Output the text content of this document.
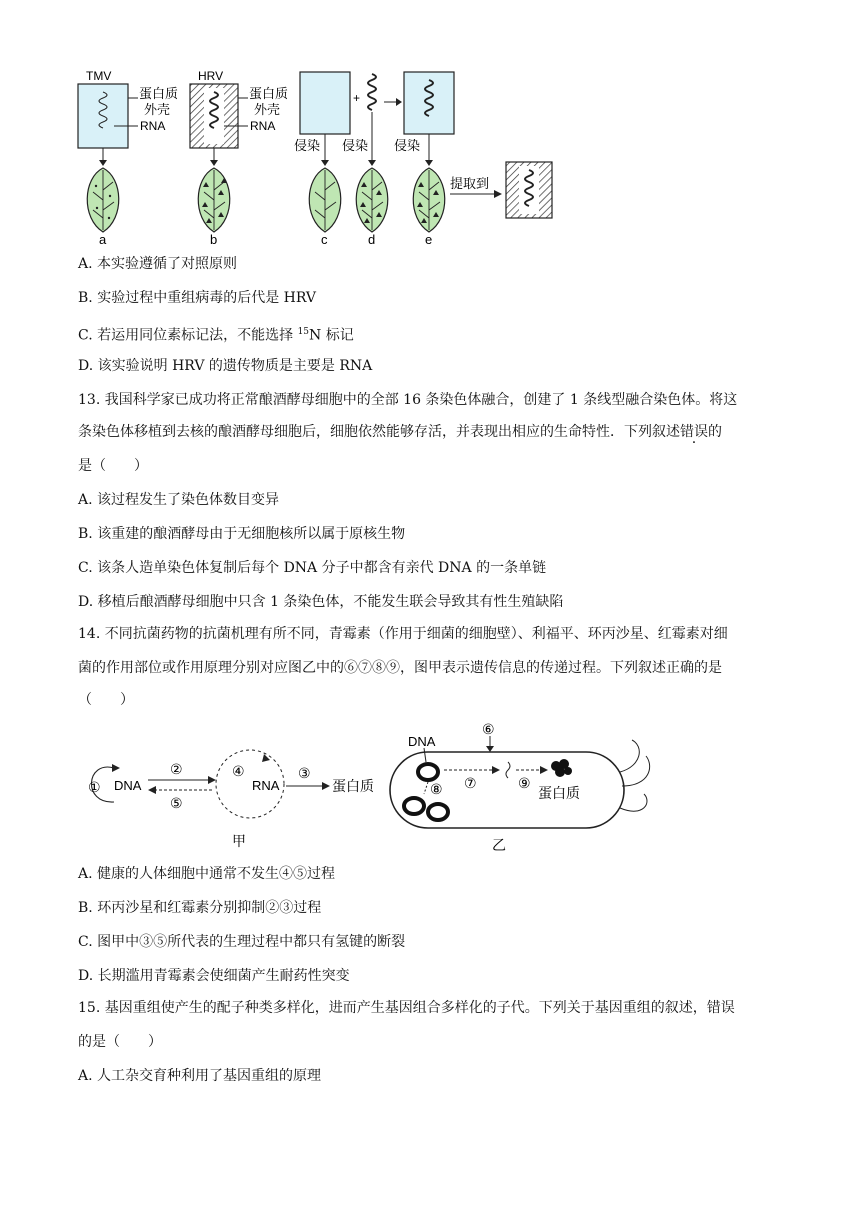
TMV
蛋白质
外壳
RNA
HRV
蛋白质
外壳
RNA
+
侵染 侵染 侵染
提取到
a	b	c	d	e
A. 本实验遵循了对照原则
B. 实验过程中重组病毒的后代是 HRV
C. 若运用同位素标记法，不能选择 $^{15}$N 标记
D. 该实验说明 HRV 的遗传物质是主要是 RNA
13. 我国科学家已成功将正常酿酒酵母细胞中的全部 16 条染色体融合，创建了 1 条线型融合染色体。将这
条染色体移植到去核的酿酒酵母细胞后，细胞依然能够存活，并表现出相应的生命特性．下列叙述错误的
是（　　）
A. 该过程发生了染色体数目变异
B. 该重建的酿酒酵母由于无细胞核所以属于原核生物
C. 该条人造单染色体复制后每个 DNA 分子中都含有亲代 DNA 的一条单链
D. 移植后酿酒酵母细胞中只含 1 条染色体，不能发生联会导致其有性生殖缺陷
14. 不同抗菌药物的抗菌机理有所不同，青霉素（作用于细菌的细胞壁）、利福平、环丙沙星、红霉素对细
菌的作用部位或作用原理分别对应图乙中的⑥⑦⑧⑨，图甲表示遗传信息的传递过程。下列叙述正确的是
（　　）
① DNA
②
⑤
④
RNA
③
蛋白质
甲
DNA
⑧ ⑦	⑨
蛋白质
⑥
乙
A. 健康的人体细胞中通常不发生④⑤过程
B. 环丙沙星和红霉素分别抑制②③过程
C. 图甲中③⑤所代表的生理过程中都只有氢键的断裂
D. 长期滥用青霉素会使细菌产生耐药性突变
15. 基因重组使产生的配子种类多样化，进而产生基因组合多样化的子代。下列关于基因重组的叙述，错误
的是（　　）
A. 人工杂交育种利用了基因重组的原理
